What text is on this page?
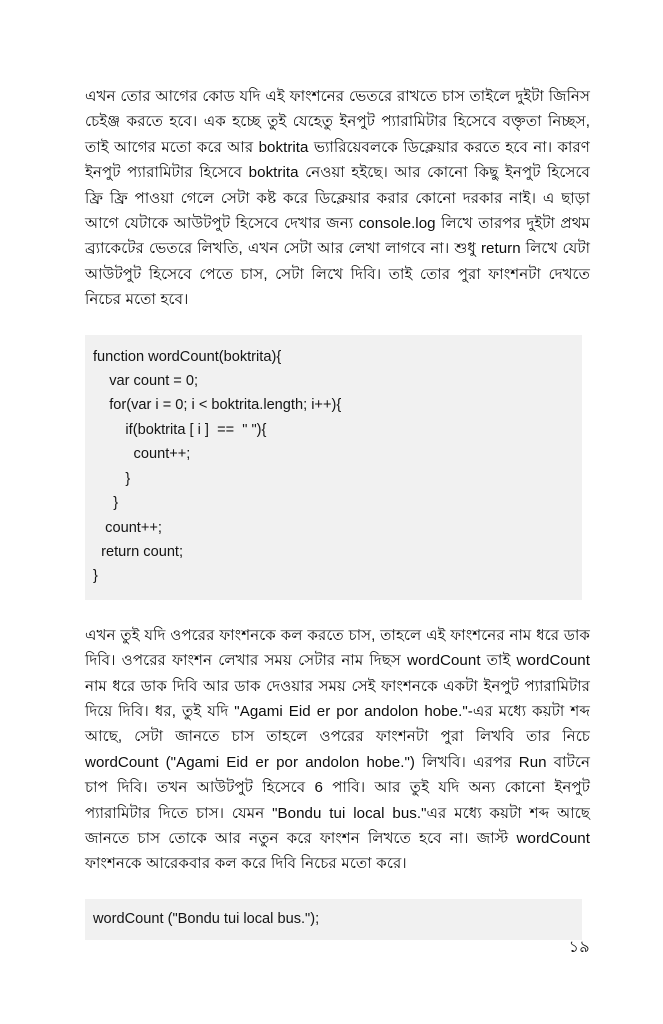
এখন তোর আগের কোড যদি এই ফাংশনের ভেতরে রাখতে চাস তাইলে দুইটা জিনিস চেইঞ্জ করতে হবে। এক হচ্ছে তুই যেহেতু ইনপুট প্যারামিটার হিসেবে বক্তৃতা নিচ্ছস, তাই আগের মতো করে আর boktrita ভ্যারিয়েবলকে ডিক্লেয়ার করতে হবে না। কারণ ইনপুট প্যারামিটার হিসেবে boktrita নেওয়া হইছে। আর কোনো কিছু ইনপুট হিসেবে ফ্রি ফ্রি পাওয়া গেলে সেটা কষ্ট করে ডিক্লেয়ার করার কোনো দরকার নাই। এ ছাড়া আগে যেটাকে আউটপুট হিসেবে দেখার জন্য console.log লিখে তারপর দুইটা প্রথম ব্র্যাকেটের ভেতরে লিখতি, এখন সেটা আর লেখা লাগবে না। শুধু return লিখে যেটা আউটপুট হিসেবে পেতে চাস, সেটা লিখে দিবি। তাই তোর পুরা ফাংশনটা দেখতে নিচের মতো হবে।

function wordCount(boktrita){
var count = 0;
for(var i = 0; i < boktrita.length; i++){
if(boktrita [ i ]  ==  " "){
count++;
}
}
count++;
return count;
}

এখন তুই যদি ওপরের ফাংশনকে কল করতে চাস, তাহলে এই ফাংশনের নাম ধরে ডাক দিবি। ওপরের ফাংশন লেখার সময় সেটার নাম দিছস wordCount তাই wordCount নাম ধরে ডাক দিবি আর ডাক দেওয়ার সময় সেই ফাংশনকে একটা ইনপুট প্যারামিটার দিয়ে দিবি। ধর, তুই যদি "Agami Eid er por andolon hobe."-এর মধ্যে কয়টা শব্দ আছে, সেটা জানতে চাস তাহলে ওপরের ফাংশনটা পুরা লিখবি তার নিচে wordCount ("Agami Eid er por andolon hobe.") লিখবি। এরপর Run বাটনে চাপ দিবি। তখন আউটপুট হিসেবে 6 পাবি। আর তুই যদি অন্য কোনো ইনপুট প্যারামিটার দিতে চাস। যেমন "Bondu tui local bus."এর মধ্যে কয়টা শব্দ আছে জানতে চাস তোকে আর নতুন করে ফাংশন লিখতে হবে না। জাস্ট wordCount ফাংশনকে আরেকবার কল করে দিবি নিচের মতো করে।

wordCount ("Bondu tui local bus.");
১৯
